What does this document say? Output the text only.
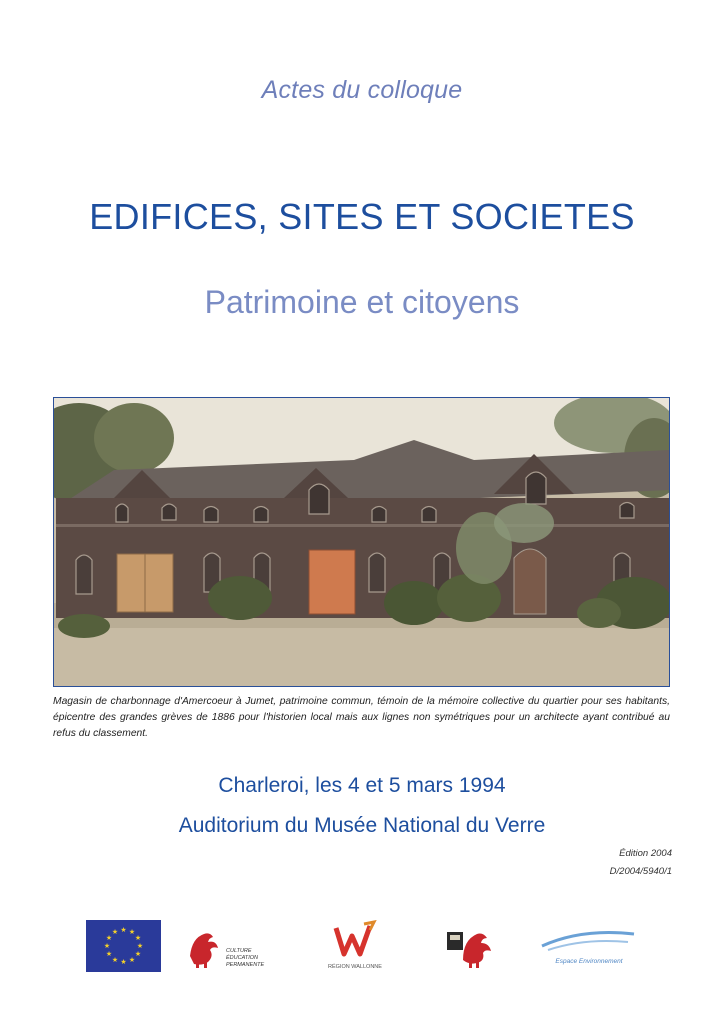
Actes du colloque
EDIFICES, SITES ET SOCIETES
Patrimoine et citoyens
Magasin de charbonnage d'Amercoeur à Jumet, patrimoine commun, témoin de la mémoire collective du quartier pour ses habitants, épicentre des grandes grèves de 1886 pour l'historien local mais aux lignes non symétriques pour un architecte ayant contribué au refus du classement.
Charleroi, les 4 et 5 mars 1994
Auditorium du Musée National du Verre
Édition 2004
D/2004/5940/1
★ ★
★
★
★
★
★
★
★
★
★
★
CULTURE
ÉDUCATION PERMANENTE	RÉGION WALLONNE
Espace Environnement
